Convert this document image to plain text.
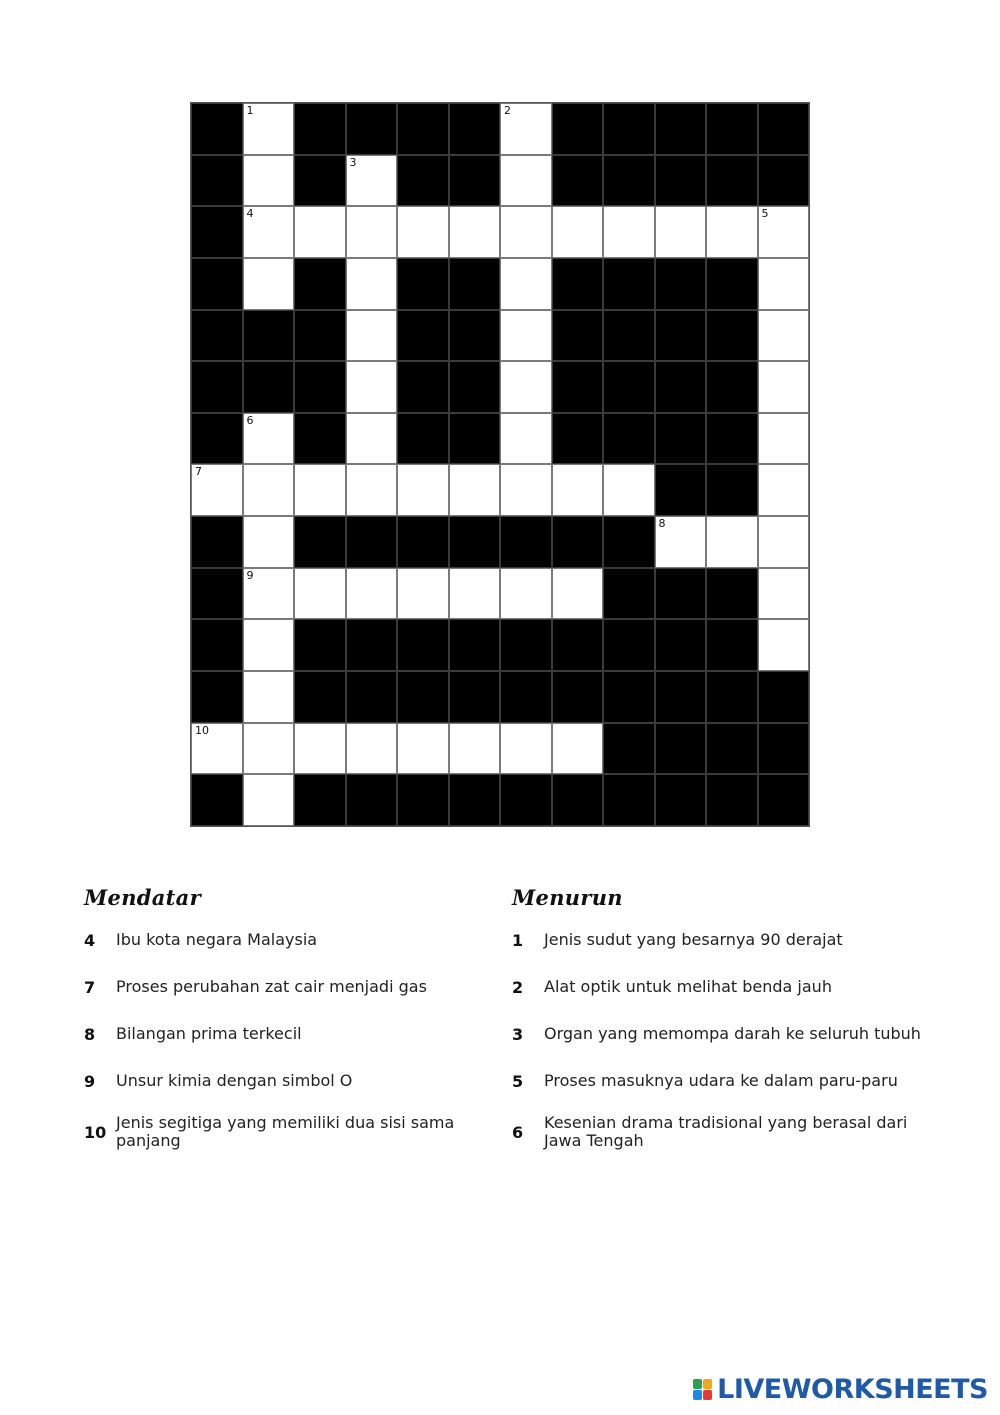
1	2
3
4	5
6
7
8
9
10
Mendatar
4	Ibu kota negara Malaysia
7	Proses perubahan zat cair menjadi gas
8	Bilangan prima terkecil
9	Unsur kimia dengan simbol O
10 Jenis segitiga yang memiliki dua sisi sama panjang
Menurun
1	Jenis sudut yang besarnya 90 derajat
2	Alat optik untuk melihat benda jauh
3	Organ yang memompa darah ke seluruh tubuh
5	Proses masuknya udara ke dalam paru-paru
6	Kesenian drama tradisional yang berasal dari Jawa Tengah
LIVEWORKSHEETS
